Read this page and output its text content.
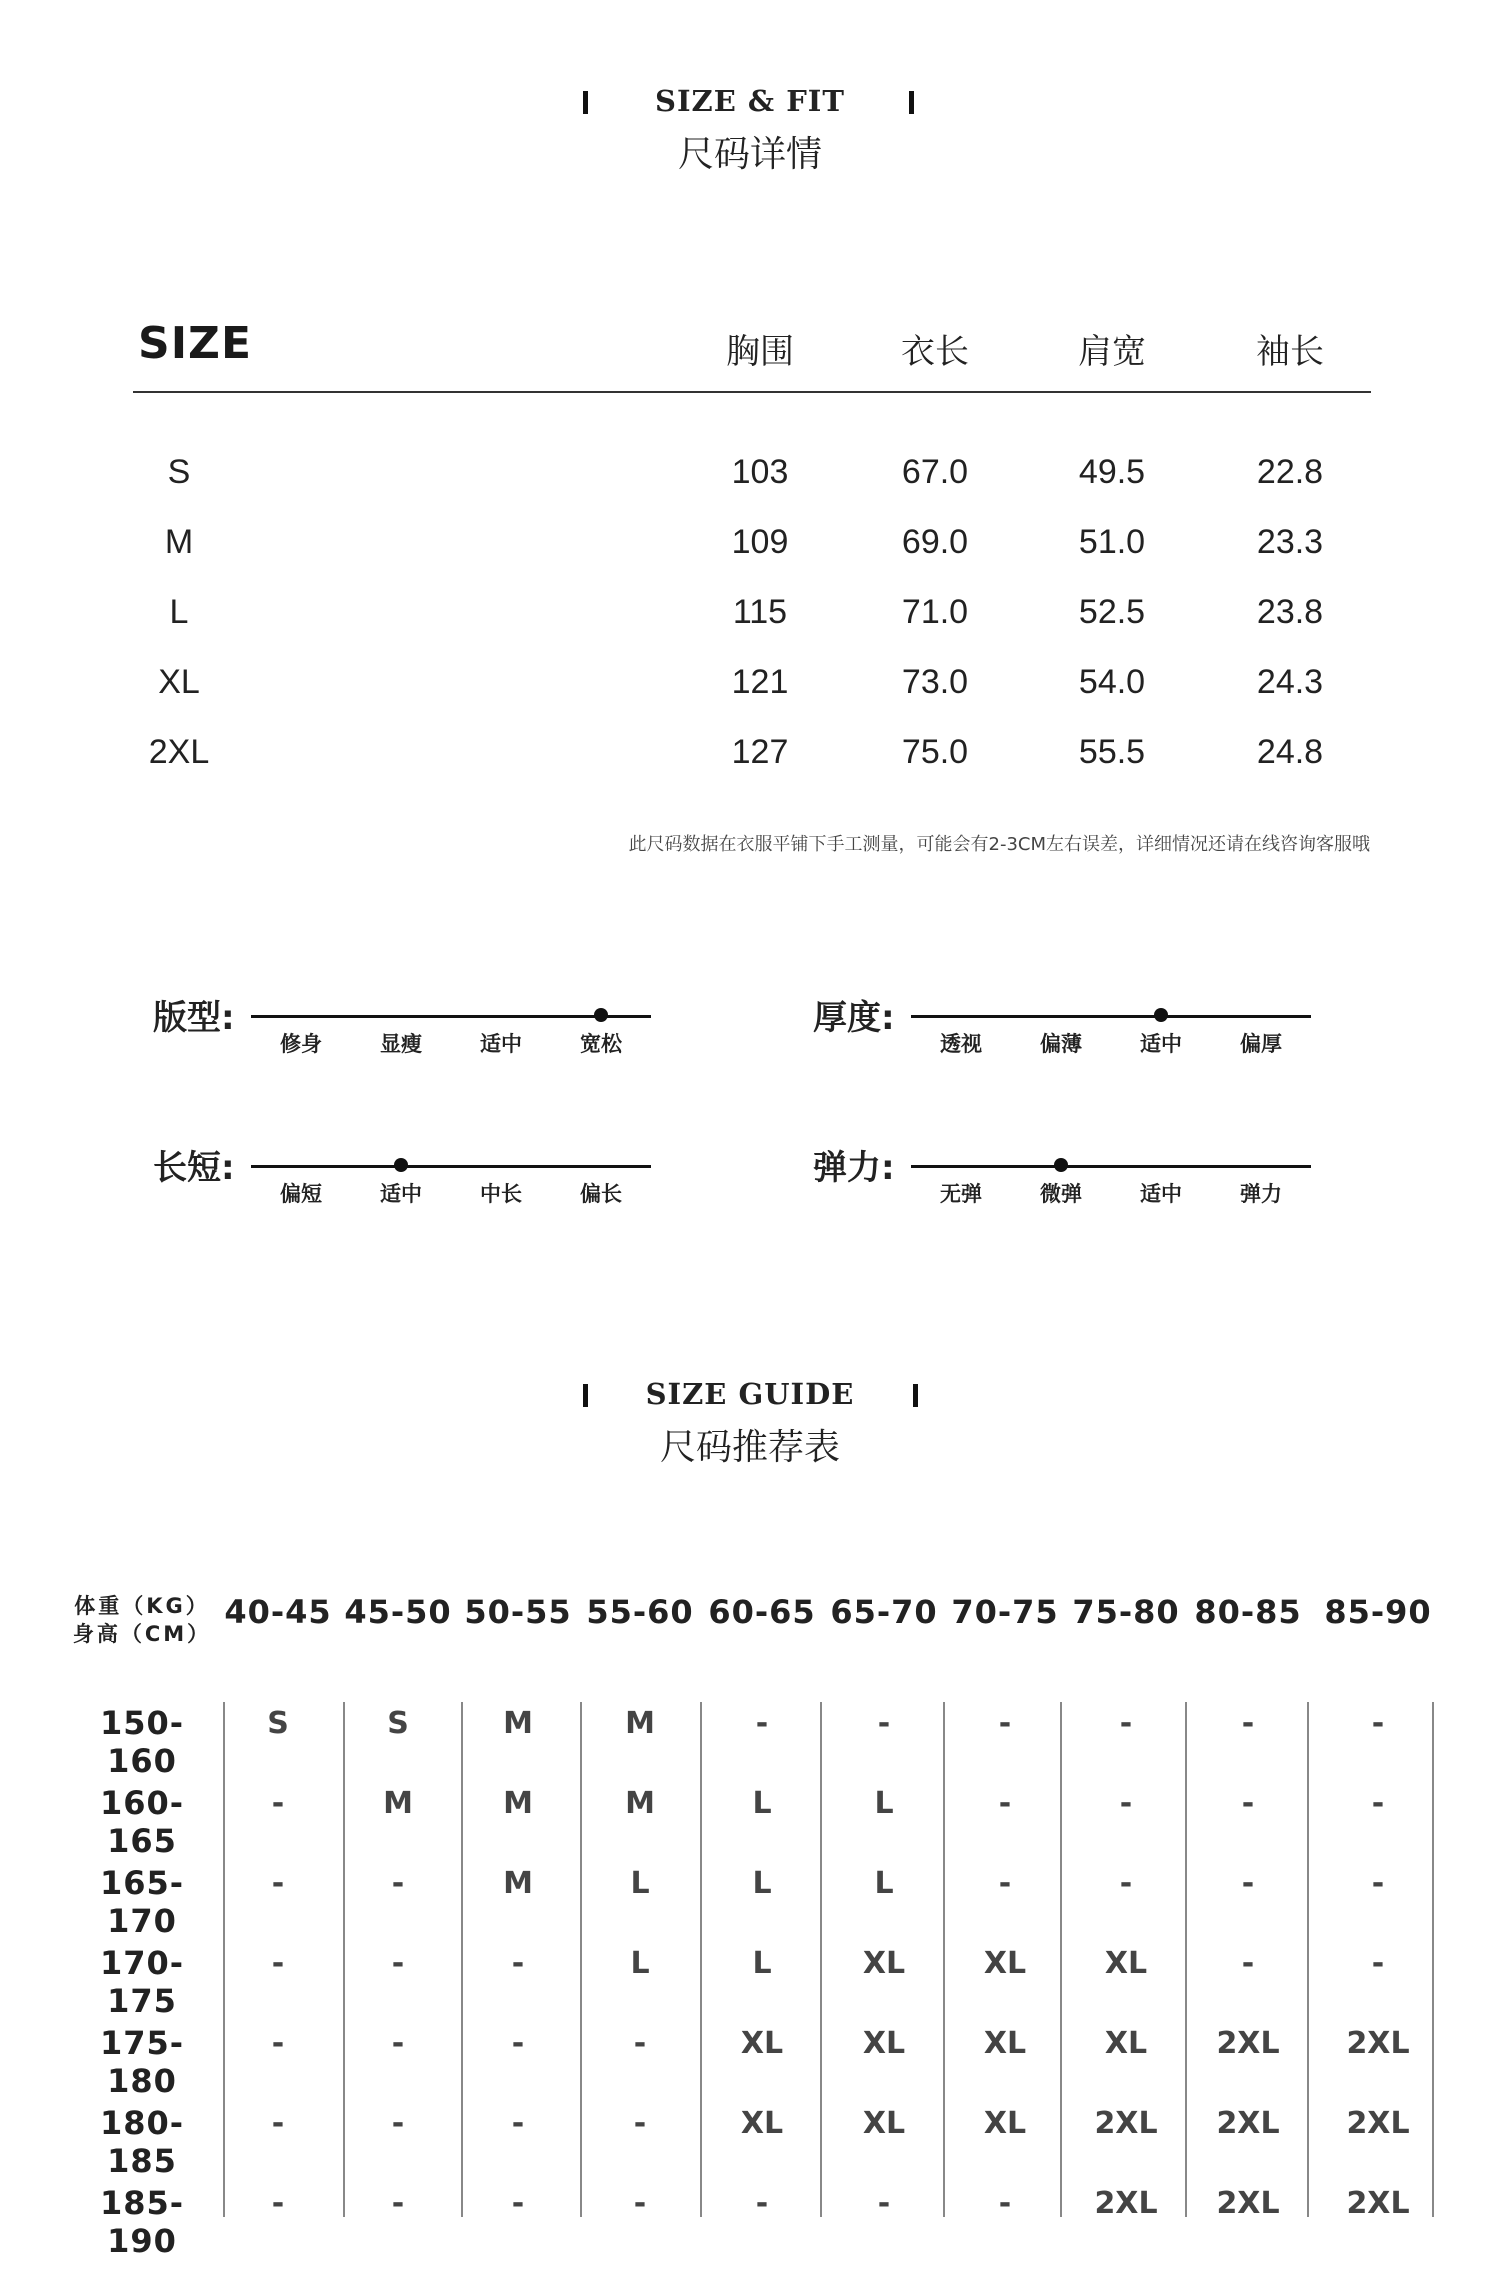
SIZE & FIT
尺码详情
SIZE	胸围	衣长	肩宽	袖长
S	103	67.0	49.5	22.8
M	109	69.0	51.0	23.3
L	115	71.0	52.5	23.8
XL	121	73.0	54.0	24.3
2XL	127	75.0	55.5	24.8
此尺码数据在衣服平铺下手工测量，可能会有2-3CM左右误差，详细情况还请在线咨询客服哦
版型:
修身	显瘦	适中	宽松
厚度:
透视	偏薄	适中	偏厚
长短:
偏短	适中	中长	偏长
弹力:
无弹	微弹	适中	弹力
SIZE GUIDE
尺码推荐表
体重（KG）
身高（CM）
40-45 45-50 50-55 55-60 60-65 65-70 70-75 75-80 80-85 85-90
150-160
S	S	M	M	-	-	-	-	-	-
160-165
-	M	M	M	L	L	-	-	-	-
165-170
-	-	M	L	L	L	-	-	-	-
170-175
-	-	-	L	L	XL	XL	XL	-	-
175-180
-	-	-	-	XL	XL	XL	XL	2XL	2XL
180-185
-	-	-	-	XL	XL	XL	2XL	2XL	2XL
185-190
-	-	-	-	-	-	-	2XL	2XL	2XL
